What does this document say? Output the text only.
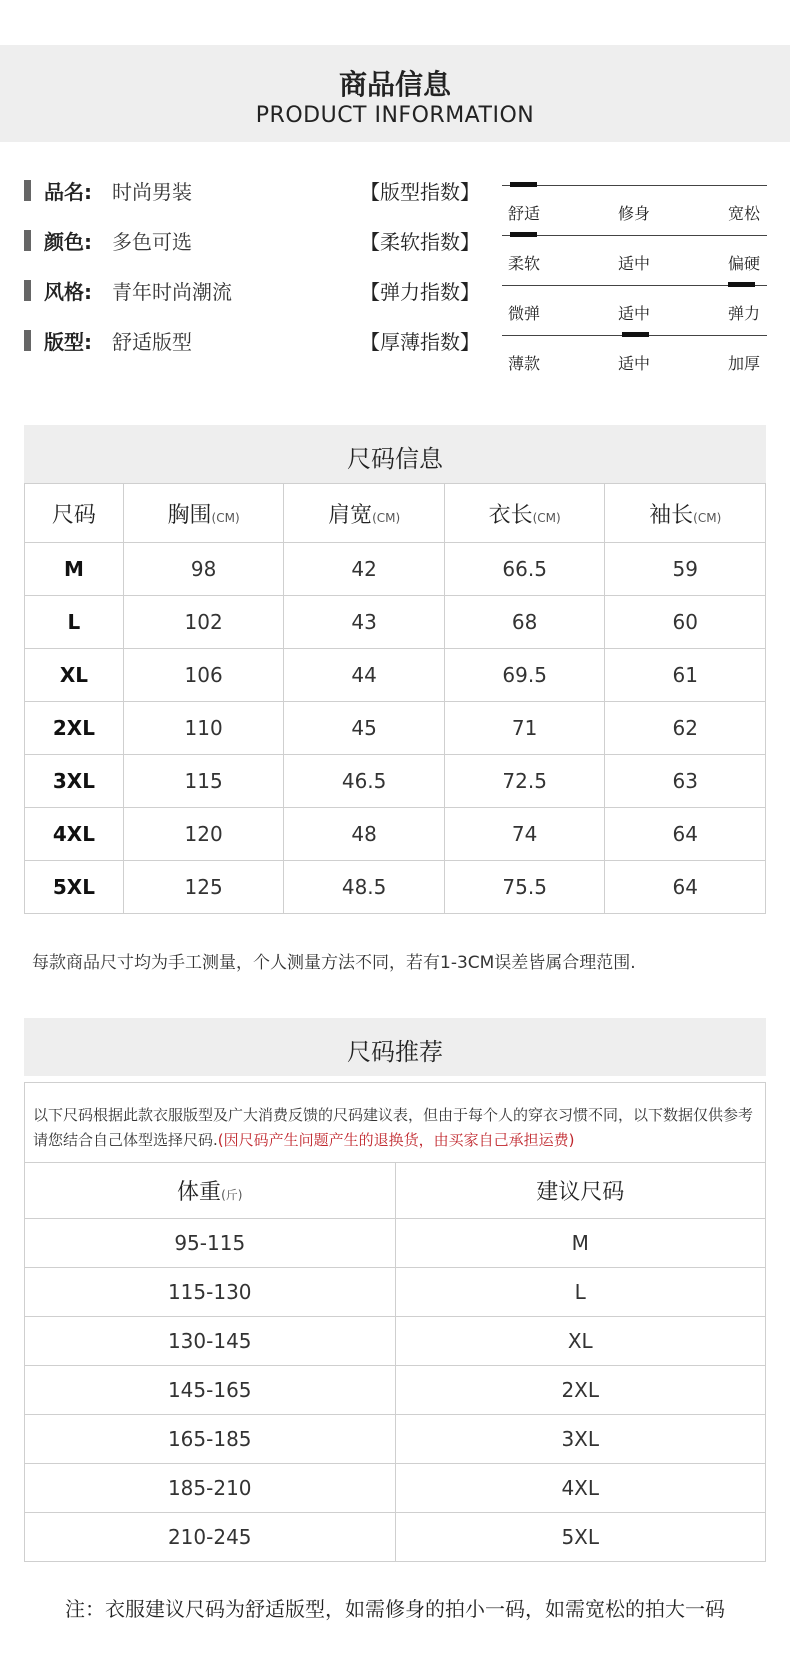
商品信息
PRODUCT INFORMATION
品名: 时尚男装
颜色: 多色可选
风格: 青年时尚潮流
版型: 舒适版型
【版型指数】
舒适	修身	宽松
【柔软指数】
柔软	适中	偏硬
【弹力指数】
微弹	适中	弹力
【厚薄指数】
薄款	适中	加厚
尺码信息
尺码	胸围(CM)	肩宽(CM)	衣长(CM)	袖长(CM)
M	98	42	66.5	59
L	102	43	68	60
XL	106	44	69.5	61
2XL	110	45	71	62
3XL	115	46.5	72.5	63
4XL	120	48	74	64
5XL	125	48.5	75.5	64
每款商品尺寸均为手工测量，个人测量方法不同，若有1-3CM误差皆属合理范围.
尺码推荐
以下尺码根据此款衣服版型及广大消费反馈的尺码建议表，但由于每个人的穿衣习惯不同，以下数据仅供参考请您结合自己体型选择尺码.(因尺码产生问题产生的退换货，由买家自己承担运费)
体重(斤)	建议尺码
95-115	M
115-130	L
130-145	XL
145-165	2XL
165-185	3XL
185-210	4XL
210-245	5XL
注：衣服建议尺码为舒适版型，如需修身的拍小一码，如需宽松的拍大一码
